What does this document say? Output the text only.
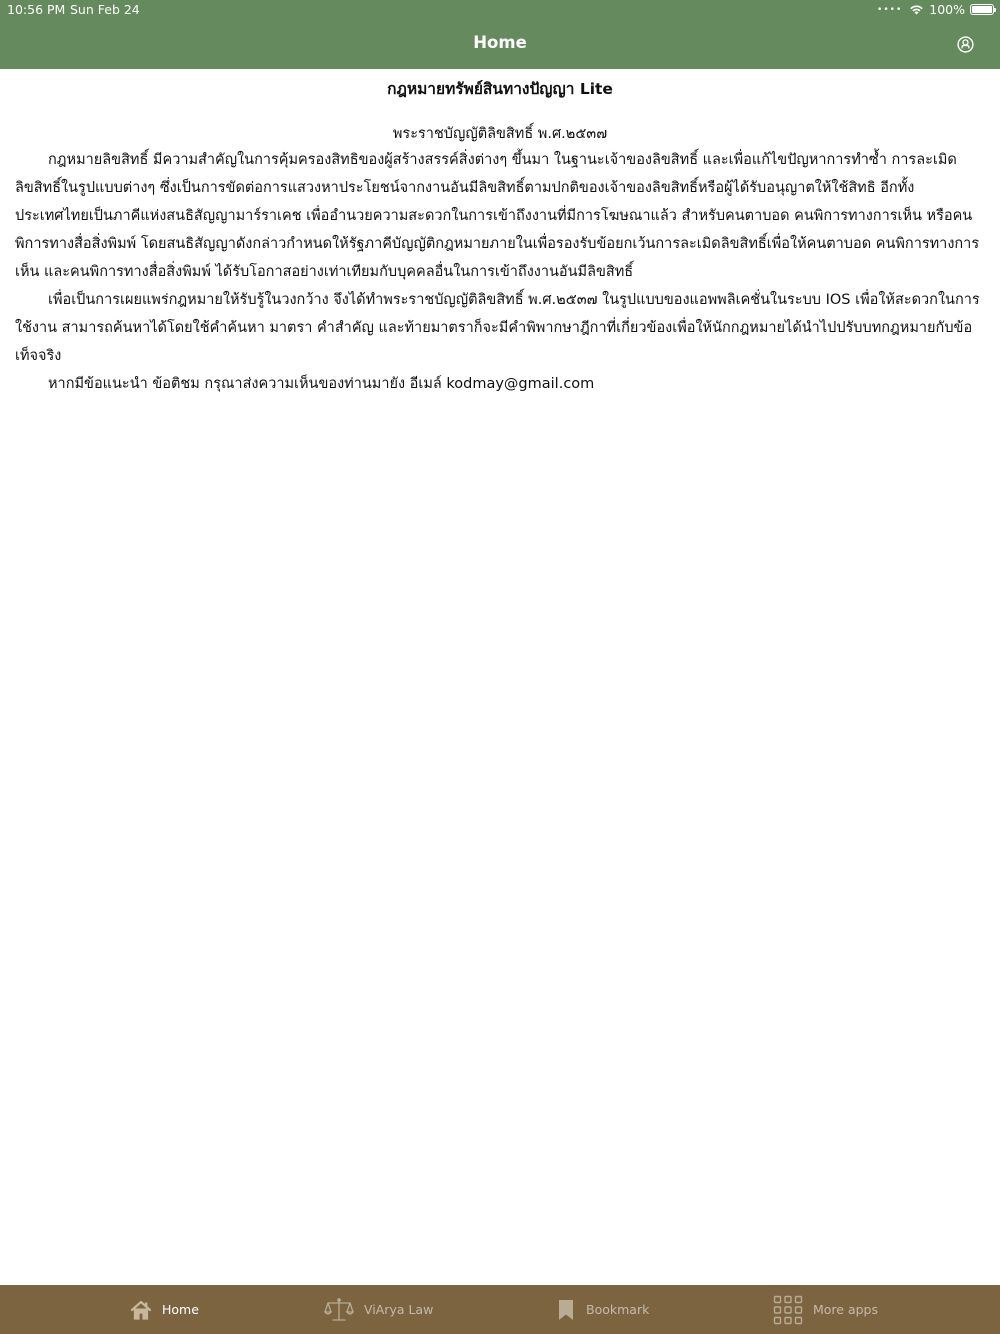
10:56 PM Sun Feb 24	•••• 100%
Home
กฎหมายทรัพย์สินทางปัญญา Lite
พระราชบัญญัติลิขสิทธิ์ พ.ศ.๒๕๓๗

กฎหมายลิขสิทธิ์ มีความสำคัญในการคุ้มครองสิทธิของผู้สร้างสรรค์สิ่งต่างๆ ขึ้นมา ในฐานะเจ้าของลิขสิทธิ์ และเพื่อแก้ไขปัญหาการทำซ้ำ การละเมิดลิขสิทธิ์ในรูปแบบต่างๆ ซึ่งเป็นการขัดต่อการแสวงหาประโยชน์จากงานอันมีลิขสิทธิ์ตามปกติของเจ้าของลิขสิทธิ์หรือผู้ได้รับอนุญาตให้ใช้สิทธิ อีกทั้งประเทศไทยเป็นภาคีแห่งสนธิสัญญามาร์ราเคช เพื่ออำนวยความสะดวกในการเข้าถึงงานที่มีการโฆษณาแล้ว สำหรับคนตาบอด คนพิการทางการเห็น หรือคนพิการทางสื่อสิ่งพิมพ์ โดยสนธิสัญญาดังกล่าวกำหนดให้รัฐภาคีบัญญัติกฎหมายภายในเพื่อรองรับข้อยกเว้นการละเมิดลิขสิทธิ์เพื่อให้คนตาบอด คนพิการทางการเห็น และคนพิการทางสื่อสิ่งพิมพ์ ได้รับโอกาสอย่างเท่าเทียมกับบุคคลอื่นในการเข้าถึงงานอันมีลิขสิทธิ์

เพื่อเป็นการเผยแพร่กฎหมายให้รับรู้ในวงกว้าง จึงได้ทำพระราชบัญญัติลิขสิทธิ์ พ.ศ.๒๕๓๗ ในรูปแบบของแอพพลิเคชั่นในระบบ IOS เพื่อให้สะดวกในการใช้งาน สามารถค้นหาได้โดยใช้คำค้นหา มาตรา คำสำคัญ และท้ายมาตราก็จะมีคำพิพากษาฎีกาที่เกี่ยวข้องเพื่อให้นักกฎหมายได้นำไปปรับบทกฎหมายกับข้อเท็จจริง

หากมีข้อแนะนำ ข้อติชม กรุณาส่งความเห็นของท่านมายัง อีเมล์ kodmay@gmail.com

Home	ViArya Law	Bookmark	More apps
